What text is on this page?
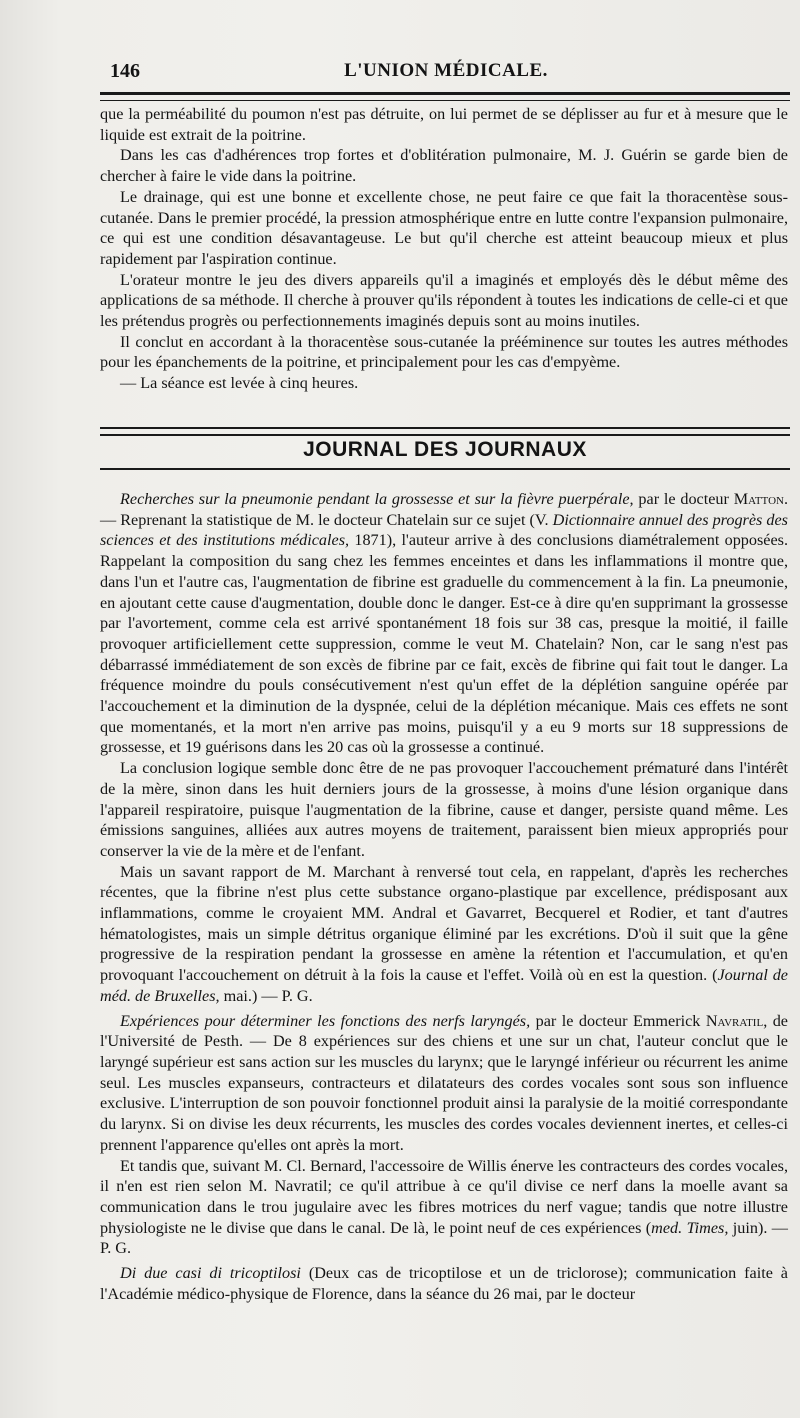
146	L'UNION MÉDICALE.

que la perméabilité du poumon n'est pas détruite, on lui permet de se déplisser au fur et à mesure que le liquide est extrait de la poitrine.

Dans les cas d'adhérences trop fortes et d'oblitération pulmonaire, M. J. Guérin se garde bien de chercher à faire le vide dans la poitrine.

Le drainage, qui est une bonne et excellente chose, ne peut faire ce que fait la thoracentèse sous-cutanée. Dans le premier procédé, la pression atmosphérique entre en lutte contre l'expansion pulmonaire, ce qui est une condition désavantageuse. Le but qu'il cherche est atteint beaucoup mieux et plus rapidement par l'aspiration continue.

L'orateur montre le jeu des divers appareils qu'il a imaginés et employés dès le début même des applications de sa méthode. Il cherche à prouver qu'ils répondent à toutes les indications de celle-ci et que les prétendus progrès ou perfectionnements imaginés depuis sont au moins inutiles.

Il conclut en accordant à la thoracentèse sous-cutanée la prééminence sur toutes les autres méthodes pour les épanchements de la poitrine, et principalement pour les cas d'empyème.

— La séance est levée à cinq heures.

JOURNAL DES JOURNAUX

Recherches sur la pneumonie pendant la grossesse et sur la fièvre puerpérale, par le docteur Matton. — Reprenant la statistique de M. le docteur Chatelain sur ce sujet (V. Dictionnaire annuel des progrès des sciences et des institutions médicales, 1871), l'auteur arrive à des conclusions diamétralement opposées. Rappelant la composition du sang chez les femmes enceintes et dans les inflammations il montre que, dans l'un et l'autre cas, l'augmentation de fibrine est graduelle du commencement à la fin. La pneumonie, en ajoutant cette cause d'augmentation, double donc le danger. Est-ce à dire qu'en supprimant la grossesse par l'avortement, comme cela est arrivé spontanément 18 fois sur 38 cas, presque la moitié, il faille provoquer artificiellement cette suppression, comme le veut M. Chatelain? Non, car le sang n'est pas débarrassé immédiatement de son excès de fibrine par ce fait, excès de fibrine qui fait tout le danger. La fréquence moindre du pouls consécutivement n'est qu'un effet de la déplétion sanguine opérée par l'accouchement et la diminution de la dyspnée, celui de la déplétion mécanique. Mais ces effets ne sont que momentanés, et la mort n'en arrive pas moins, puisqu'il y a eu 9 morts sur 18 suppressions de grossesse, et 19 guérisons dans les 20 cas où la grossesse a continué.

La conclusion logique semble donc être de ne pas provoquer l'accouchement prématuré dans l'intérêt de la mère, sinon dans les huit derniers jours de la grossesse, à moins d'une lésion organique dans l'appareil respiratoire, puisque l'augmentation de la fibrine, cause et danger, persiste quand même. Les émissions sanguines, alliées aux autres moyens de traitement, paraissent bien mieux appropriés pour conserver la vie de la mère et de l'enfant.

Mais un savant rapport de M. Marchant à renversé tout cela, en rappelant, d'après les recherches récentes, que la fibrine n'est plus cette substance organo-plastique par excellence, prédisposant aux inflammations, comme le croyaient MM. Andral et Gavarret, Becquerel et Rodier, et tant d'autres hématologistes, mais un simple détritus organique éliminé par les excrétions. D'où il suit que la gêne progressive de la respiration pendant la grossesse en amène la rétention et l'accumulation, et qu'en provoquant l'accouchement on détruit à la fois la cause et l'effet. Voilà où en est la question. (Journal de méd. de Bruxelles, mai.) — P. G.

Expériences pour déterminer les fonctions des nerfs laryngés, par le docteur Emmerick Navratil, de l'Université de Pesth. — De 8 expériences sur des chiens et une sur un chat, l'auteur conclut que le laryngé supérieur est sans action sur les muscles du larynx; que le laryngé inférieur ou récurrent les anime seul. Les muscles expanseurs, contracteurs et dilatateurs des cordes vocales sont sous son influence exclusive. L'interruption de son pouvoir fonctionnel produit ainsi la paralysie de la moitié correspondante du larynx. Si on divise les deux récurrents, les muscles des cordes vocales deviennent inertes, et celles-ci prennent l'apparence qu'elles ont après la mort.

Et tandis que, suivant M. Cl. Bernard, l'accessoire de Willis énerve les contracteurs des cordes vocales, il n'en est rien selon M. Navratil; ce qu'il attribue à ce qu'il divise ce nerf dans la moelle avant sa communication dans le trou jugulaire avec les fibres motrices du nerf vague; tandis que notre illustre physiologiste ne le divise que dans le canal. De là, le point neuf de ces expériences (med. Times, juin). — P. G.

Di due casi di tricoptilosi (Deux cas de tricoptilose et un de triclorose); communication faite à l'Académie médico-physique de Florence, dans la séance du 26 mai, par le docteur
